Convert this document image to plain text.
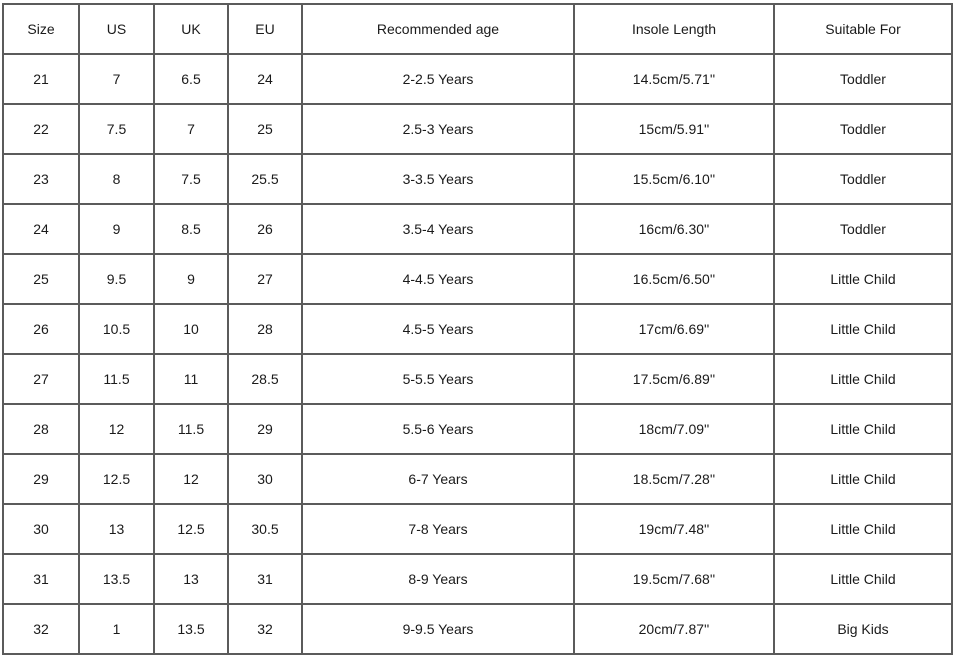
Size	US	UK	EU	Recommended age	Insole Length	Suitable For
21	7	6.5	24	2-2.5 Years	14.5cm/5.71''	Toddler
22	7.5	7	25	2.5-3 Years	15cm/5.91''	Toddler
23	8	7.5	25.5	3-3.5 Years	15.5cm/6.10''	Toddler
24	9	8.5	26	3.5-4 Years	16cm/6.30''	Toddler
25	9.5	9	27	4-4.5 Years	16.5cm/6.50''	Little Child
26	10.5	10	28	4.5-5 Years	17cm/6.69''	Little Child
27	11.5	11	28.5	5-5.5 Years	17.5cm/6.89''	Little Child
28	12	11.5	29	5.5-6 Years	18cm/7.09''	Little Child
29	12.5	12	30	6-7 Years	18.5cm/7.28''	Little Child
30	13	12.5	30.5	7-8 Years	19cm/7.48''	Little Child
31	13.5	13	31	8-9 Years	19.5cm/7.68''	Little Child
32	1	13.5	32	9-9.5 Years	20cm/7.87''	Big Kids
